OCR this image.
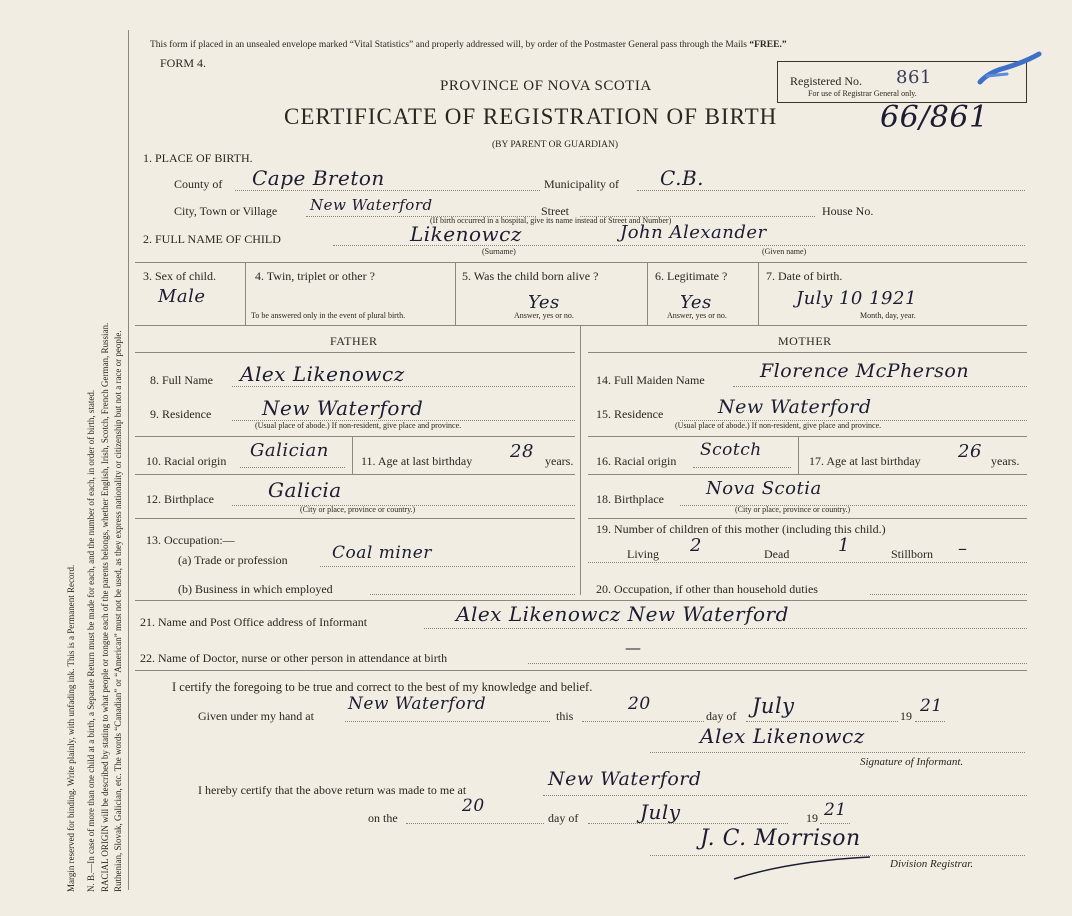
Margin reserved for binding. Write plainly, with unfading ink. This is a Permanent Record. N. B.—In case of more than one child at a birth, a Separate Return must be made for each, and the number of each, in order of birth, stated. RACIAL ORIGIN will be described by stating to what people or tongue each of the parents belongs, whether English, Irish, Scotch, French German, Russian. Ruthenian, Slovak, Galician, etc. The words “Canadian” or “American” must not be used, as they express nationality or citizenship but not a race or people.
This form if placed in an unsealed envelope marked “Vital Statistics” and properly addressed will, by order of the Postmaster General pass through the Mails “FREE.”
FORM 4.
PROVINCE OF NOVA SCOTIA	Registered No. 861
For use of Registrar General only.
CERTIFICATE OF REGISTRATION OF BIRTH	66/861
(BY PARENT OR GUARDIAN)
1. PLACE OF BIRTH.
County of Cape Breton	Municipality of C.B.
City, Town or Village New Waterford	Street	House No.
(If birth occurred in a hospital, give its name instead of Street and Number)
2. FULL NAME OF CHILD	Likenowcz	John Alexander
(Surname)	(Given name)
3. Sex of child.
Male
4. Twin, triplet or other ?
To be answered only in the event of plural birth.
5. Was the child born alive ?
Yes
Answer, yes or no.
6. Legitimate ?
Yes
Answer, yes or no.
7. Date of birth.
July 10 1921
Month, day, year.
FATHER	MOTHER
8. Full Name Alex Likenowcz
9. Residence	New Waterford
(Usual place of abode.) If non-resident, give place and province.
10. Racial origin Galician	11. Age at last birthday 28 years.
12. Birthplace	Galicia
(City or place, province or country.)
13. Occupation:—
(a) Trade or profession	Coal miner
(b) Business in which employed
14. Full Maiden Name	Florence McPherson
15. Residence	New Waterford
(Usual place of abode.) If non-resident, give place and province.
16. Racial origin
Scotch
17. Age at last birthday 26 years.
18. Birthplace Nova Scotia
(City or place, province or country.)
19. Number of children of this mother (including this child.)
Living 2	Dead	1	Stillborn –
20. Occupation, if other than household duties
21. Name and Post Office address of Informant	Alex Likenowcz New Waterford
22. Name of Doctor, nurse or other person in attendance at birth
—
I certify the foregoing to be true and correct to the best of my knowledge and belief.
Given under my hand at
New Waterford
this
20
day of July	19 21
Alex Likenowcz
Signature of Informant.
I hereby certify that the above return was made to me at	New Waterford
on the
20
day of	July	19 21
J. C. Morrison
Division Registrar.
